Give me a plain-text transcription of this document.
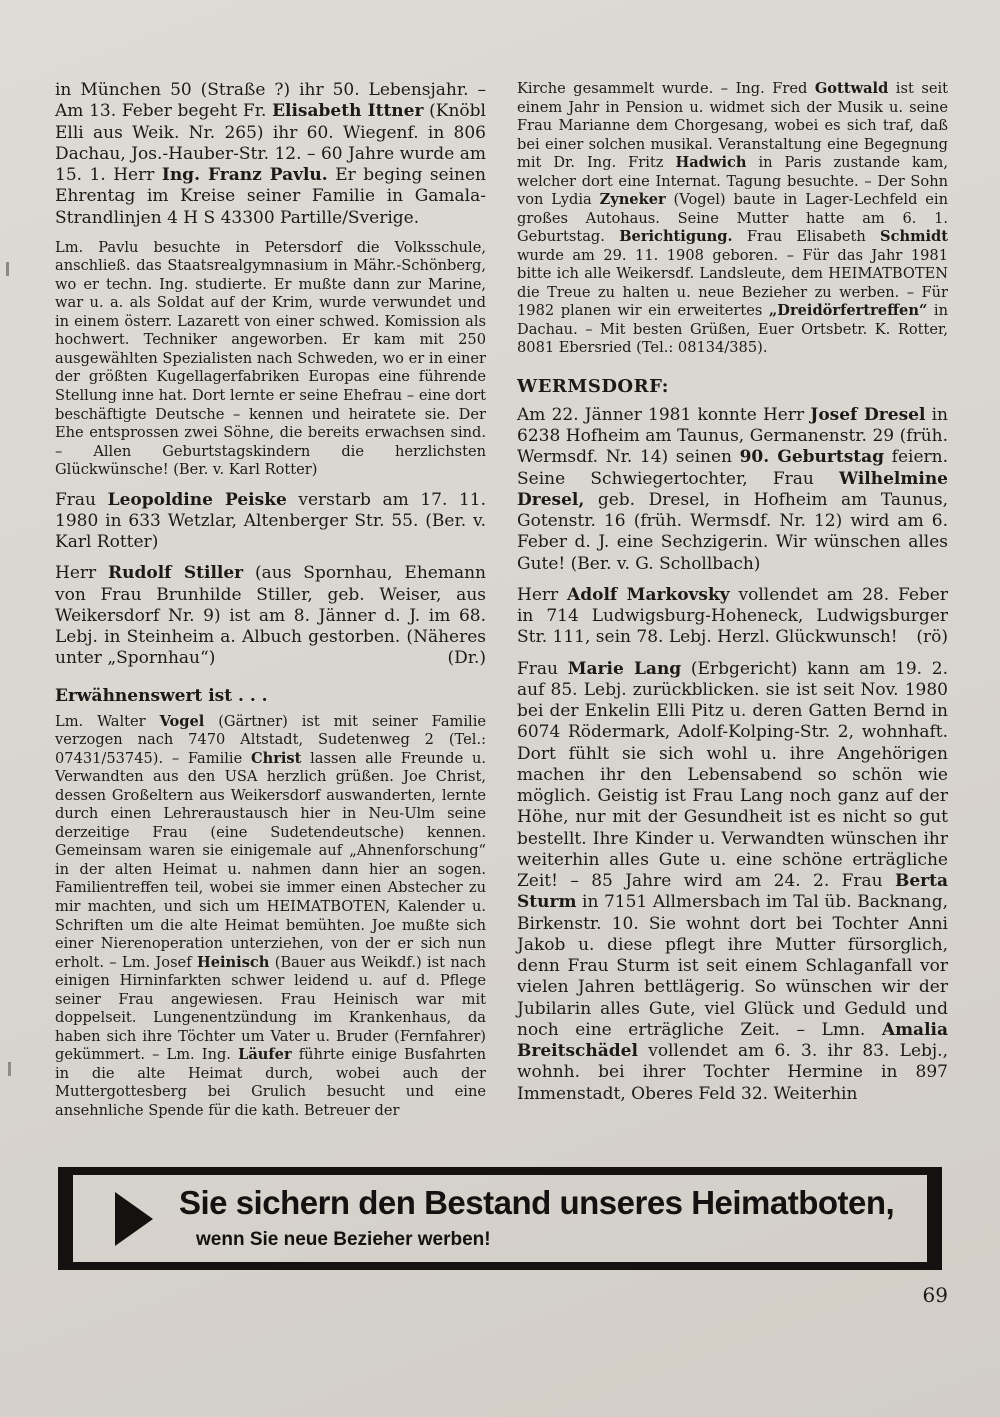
in München 50 (Straße ?) ihr 50. Lebensjahr. – Am 13. Feber begeht Fr. Elisabeth Ittner (Knöbl Elli aus Weik. Nr. 265) ihr 60. Wiegenf. in 806 Dachau, Jos.-Hauber-Str. 12. – 60 Jahre wurde am 15. 1. Herr Ing. Franz Pavlu. Er beging seinen Ehrentag im Kreise seiner Familie in Gamala-Strandlinjen 4 H S 43300 Partille/Sverige.

Lm. Pavlu besuchte in Petersdorf die Volksschule, anschließ. das Staatsrealgymnasium in Mähr.-Schönberg, wo er techn. Ing. studierte. Er mußte dann zur Marine, war u. a. als Soldat auf der Krim, wurde verwundet und in einem österr. Lazarett von einer schwed. Komission als hochwert. Techniker angeworben. Er kam mit 250 ausgewählten Spezialisten nach Schweden, wo er in einer der größten Kugellagerfabriken Europas eine führende Stellung inne hat. Dort lernte er seine Ehefrau – eine dort beschäftigte Deutsche – kennen und heiratete sie. Der Ehe entsprossen zwei Söhne, die bereits erwachsen sind. – Allen Geburtstagskindern die herzlichsten Glückwünsche! (Ber. v. Karl Rotter)

Frau Leopoldine Peiske verstarb am 17. 11. 1980 in 633 Wetzlar, Altenberger Str. 55. (Ber. v. Karl Rotter)

Herr Rudolf Stiller (aus Spornhau, Ehemann von Frau Brunhilde Stiller, geb. Weiser, aus Weikersdorf Nr. 9) ist am 8. Jänner d. J. im 68. Lebj. in Steinheim a. Albuch gestorben. (Näheres unter „Spornhau“)	(Dr.)

Erwähnenswert ist . . .

Lm. Walter Vogel (Gärtner) ist mit seiner Familie verzogen nach 7470 Altstadt, Sudetenweg 2 (Tel.: 07431/53745). – Familie Christ lassen alle Freunde u. Verwandten aus den USA herzlich grüßen. Joe Christ, dessen Großeltern aus Weikersdorf auswanderten, lernte durch einen Lehreraustausch hier in Neu-Ulm seine derzeitige Frau (eine Sudetendeutsche) kennen. Gemeinsam waren sie einigemale auf „Ahnenforschung“ in der alten Heimat u. nahmen dann hier an sogen. Familientreffen teil, wobei sie immer einen Abstecher zu mir machten, und sich um HEIMATBOTEN, Kalender u. Schriften um die alte Heimat bemühten. Joe mußte sich einer Nierenoperation unterziehen, von der er sich nun erholt. – Lm. Josef Heinisch (Bauer aus Weikdf.) ist nach einigen Hirninfarkten schwer leidend u. auf d. Pflege seiner Frau angewiesen. Frau Heinisch war mit doppelseit. Lungenentzündung im Krankenhaus, da haben sich ihre Töchter um Vater u. Bruder (Fernfahrer) gekümmert. – Lm. Ing. Läufer führte einige Busfahrten in die alte Heimat durch, wobei auch der Muttergottesberg bei Grulich besucht und eine ansehnliche Spende für die kath. Betreuer der

Kirche gesammelt wurde. – Ing. Fred Gottwald ist seit einem Jahr in Pension u. widmet sich der Musik u. seine Frau Marianne dem Chorgesang, wobei es sich traf, daß bei einer solchen musikal. Veranstaltung eine Begegnung mit Dr. Ing. Fritz Hadwich in Paris zustande kam, welcher dort eine Internat. Tagung besuchte. – Der Sohn von Lydia Zyneker (Vogel) baute in Lager-Lechfeld ein großes Autohaus. Seine Mutter hatte am 6. 1. Geburtstag. Berichtigung. Frau Elisabeth Schmidt wurde am 29. 11. 1908 geboren. – Für das Jahr 1981 bitte ich alle Weikersdf. Landsleute, dem HEIMATBOTEN die Treue zu halten u. neue Bezieher zu werben. – Für 1982 planen wir ein erweitertes „Dreidörfertreffen“ in Dachau. – Mit besten Grüßen, Euer Ortsbetr. K. Rotter, 8081 Ebersried (Tel.: 08134/385).

WERMSDORF:

Am 22. Jänner 1981 konnte Herr Josef Dresel in 6238 Hofheim am Taunus, Germanenstr. 29 (früh. Wermsdf. Nr. 14) seinen 90. Geburtstag feiern. Seine Schwiegertochter, Frau Wilhelmine Dresel, geb. Dresel, in Hofheim am Taunus, Gotenstr. 16 (früh. Wermsdf. Nr. 12) wird am 6. Feber d. J. eine Sechzigerin. Wir wünschen alles Gute! (Ber. v. G. Schollbach)

Herr Adolf Markovsky vollendet am 28. Feber in 714 Ludwigsburg-Hoheneck, Ludwigsburger Str. 111, sein 78. Lebj. Herzl. Glückwunsch! (rö)

Frau Marie Lang (Erbgericht) kann am 19. 2. auf 85. Lebj. zurückblicken. sie ist seit Nov. 1980 bei der Enkelin Elli Pitz u. deren Gatten Bernd in 6074 Rödermark, Adolf-Kolping-Str. 2, wohnhaft. Dort fühlt sie sich wohl u. ihre Angehörigen machen ihr den Lebensabend so schön wie möglich. Geistig ist Frau Lang noch ganz auf der Höhe, nur mit der Gesundheit ist es nicht so gut bestellt. Ihre Kinder u. Verwandten wünschen ihr weiterhin alles Gute u. eine schöne erträgliche Zeit! – 85 Jahre wird am 24. 2. Frau Berta Sturm in 7151 Allmersbach im Tal üb. Backnang, Birkenstr. 10. Sie wohnt dort bei Tochter Anni Jakob u. diese pflegt ihre Mutter fürsorglich, denn Frau Sturm ist seit einem Schlaganfall vor vielen Jahren bettlägerig. So wünschen wir der Jubilarin alles Gute, viel Glück und Geduld und noch eine erträgliche Zeit. – Lmn. Amalia Breitschädel vollendet am 6. 3. ihr 83. Lebj., wohnh. bei ihrer Tochter Hermine in 897 Immenstadt, Oberes Feld 32. Weiterhin

Sie sichern den Bestand unseres Heimatboten,
wenn Sie neue Bezieher werben!
69
